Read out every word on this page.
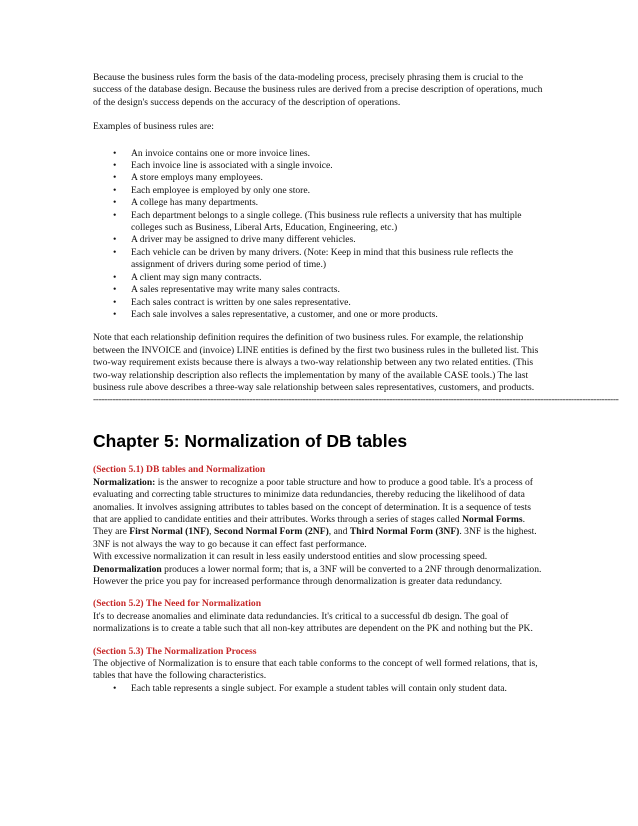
Because the business rules form the basis of the data-modeling process, precisely phrasing them is crucial to the success of the database design. Because the business rules are derived from a precise description of operations, much of the design's success depends on the accuracy of the description of operations.

Examples of business rules are:

• An invoice contains one or more invoice lines.
• Each invoice line is associated with a single invoice.
• A store employs many employees.
• Each employee is employed by only one store.
• A college has many departments.
• Each department belongs to a single college. (This business rule reflects a university that has multiple colleges such as Business, Liberal Arts, Education, Engineering, etc.)
• A driver may be assigned to drive many different vehicles.
• Each vehicle can be driven by many drivers. (Note: Keep in mind that this business rule reflects the assignment of drivers during some period of time.)
• A client may sign many contracts.
• A sales representative may write many sales contracts.
• Each sales contract is written by one sales representative.
• Each sale involves a sales representative, a customer, and one or more products.

Note that each relationship definition requires the definition of two business rules. For example, the relationship between the INVOICE and (invoice) LINE entities is defined by the first two business rules in the bulleted list. This two-way requirement exists because there is always a two-way relationship between any two related entities. (This two-way relationship description also reflects the implementation by many of the available CASE tools.) The last business rule above describes a three-way sale relationship between sales representatives, customers, and products.

--------------------------------------------------------------------------------------------------------------------------------------------------------------------------------------------
Chapter 5: Normalization of DB tables
(Section 5.1) DB tables and Normalization
Normalization: is the answer to recognize a poor table structure and how to produce a good table. It's a process of evaluating and correcting table structures to minimize data redundancies, thereby reducing the likelihood of data anomalies. It involves assigning attributes to tables based on the concept of determination. It is a sequence of tests that are applied to candidate entities and their attributes. Works through a series of stages called Normal Forms. They are First Normal (1NF), Second Normal Form (2NF), and Third Normal Form (3NF). 3NF is the highest. 3NF is not always the way to go because it can effect fast performance.
With excessive normalization it can result in less easily understood entities and slow processing speed.
Denormalization produces a lower normal form; that is, a 3NF will be converted to a 2NF through denormalization. However the price you pay for increased performance through denormalization is greater data redundancy.
(Section 5.2) The Need for Normalization
It's to decrease anomalies and eliminate data redundancies. It's critical to a successful db design. The goal of normalizations is to create a table such that all non-key attributes are dependent on the PK and nothing but the PK.
(Section 5.3) The Normalization Process
The objective of Normalization is to ensure that each table conforms to the concept of well formed relations, that is, tables that have the following characteristics.
• Each table represents a single subject. For example a student tables will contain only student data.
